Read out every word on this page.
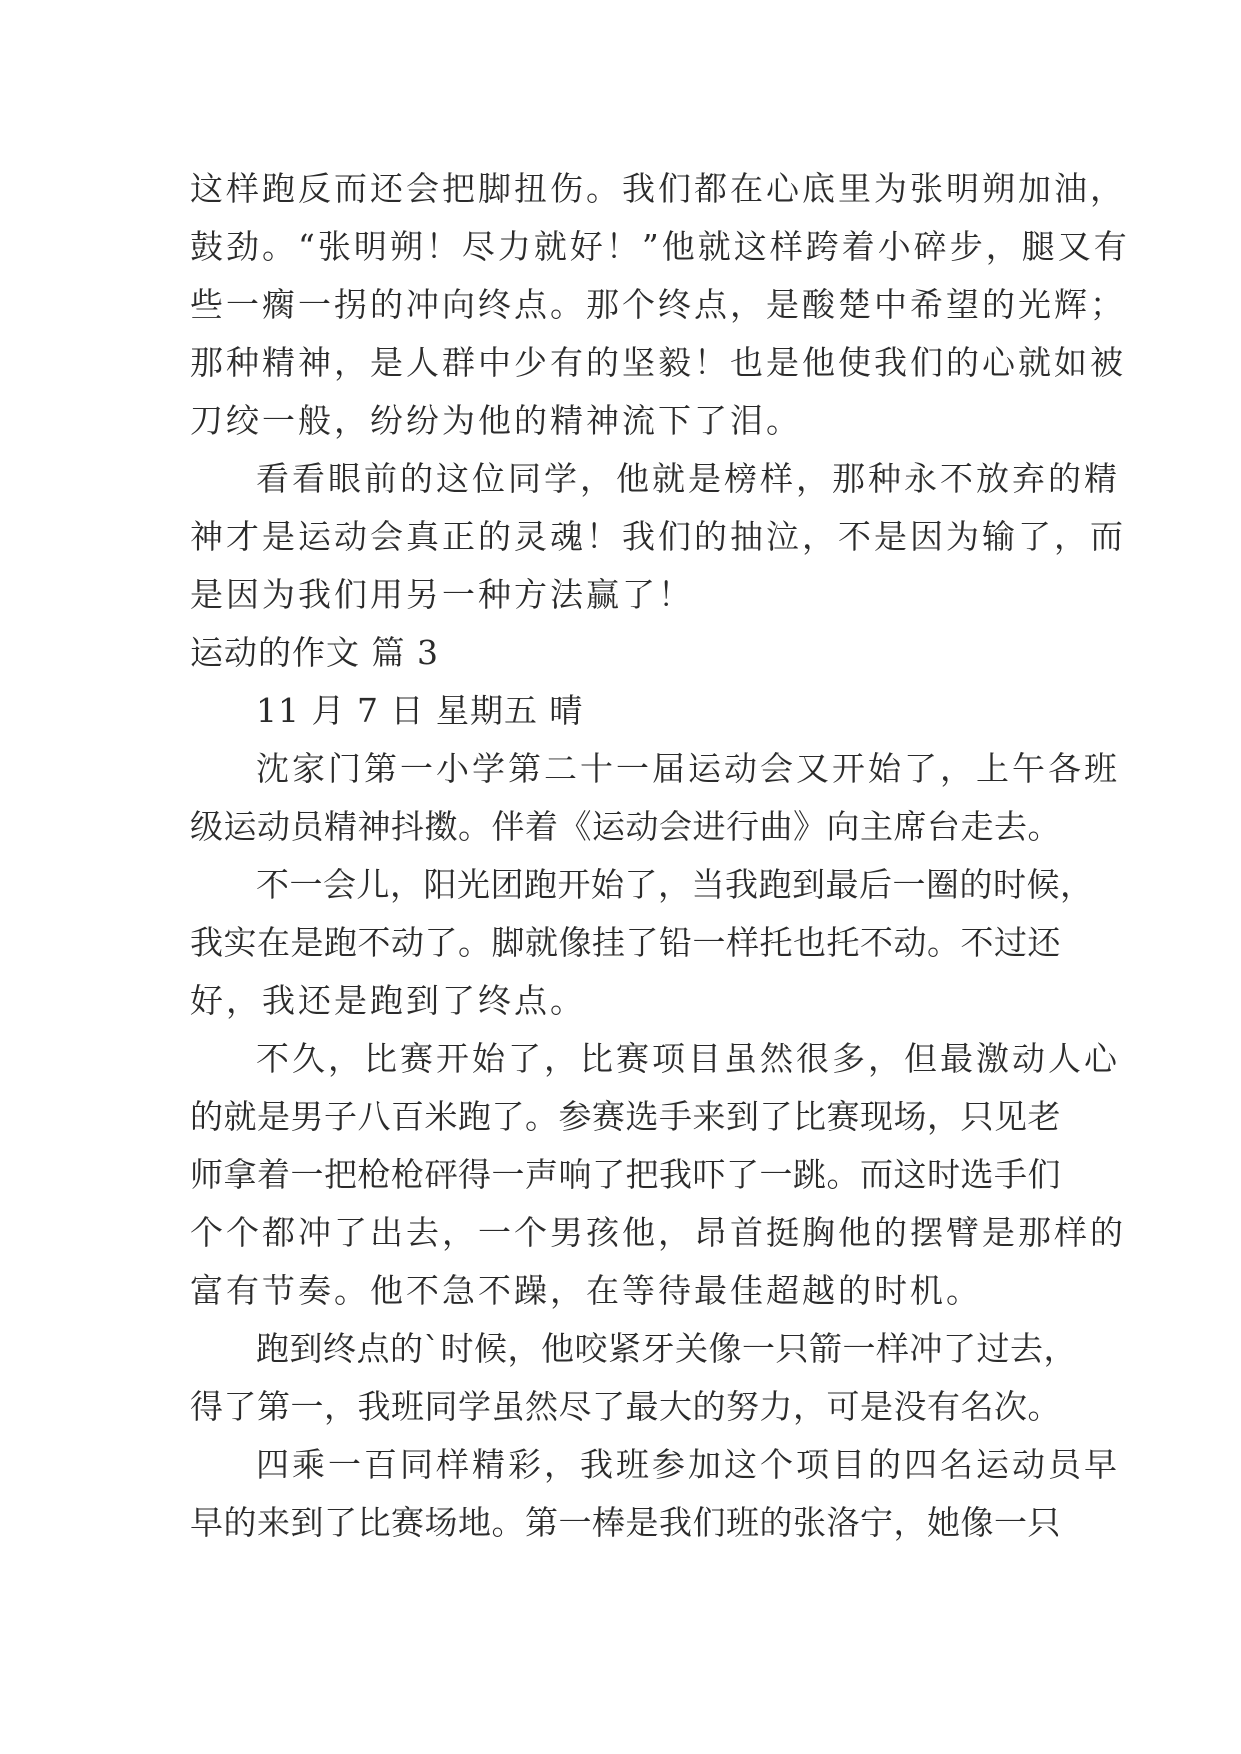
这样跑反而还会把脚扭伤。我们都在心底里为张明朔加油，
鼓劲。“张明朔！尽力就好！”他就这样跨着小碎步，腿又有
些一瘸一拐的冲向终点。那个终点，是酸楚中希望的光辉；
那种精神，是人群中少有的坚毅！也是他使我们的心就如被
刀绞一般，纷纷为他的精神流下了泪。
看看眼前的这位同学，他就是榜样，那种永不放弃的精
神才是运动会真正的灵魂！我们的抽泣，不是因为输了，而
是因为我们用另一种方法赢了！
运动的作文 篇 3
11 月 7 日 星期五 晴
沈家门第一小学第二十一届运动会又开始了，上午各班
级运动员精神抖擞。伴着《运动会进行曲》向主席台走去。
不一会儿，阳光团跑开始了，当我跑到最后一圈的时候，
我实在是跑不动了。脚就像挂了铅一样托也托不动。不过还
好，我还是跑到了终点。
不久，比赛开始了，比赛项目虽然很多，但最激动人心
的就是男子八百米跑了。参赛选手来到了比赛现场，只见老
师拿着一把枪枪砰得一声响了把我吓了一跳。而这时选手们
个个都冲了出去，一个男孩他，昂首挺胸他的摆臂是那样的
富有节奏。他不急不躁，在等待最佳超越的时机。
跑到终点的`时候，他咬紧牙关像一只箭一样冲了过去，
得了第一，我班同学虽然尽了最大的努力，可是没有名次。
四乘一百同样精彩，我班参加这个项目的四名运动员早
早的来到了比赛场地。第一棒是我们班的张洛宁，她像一只
